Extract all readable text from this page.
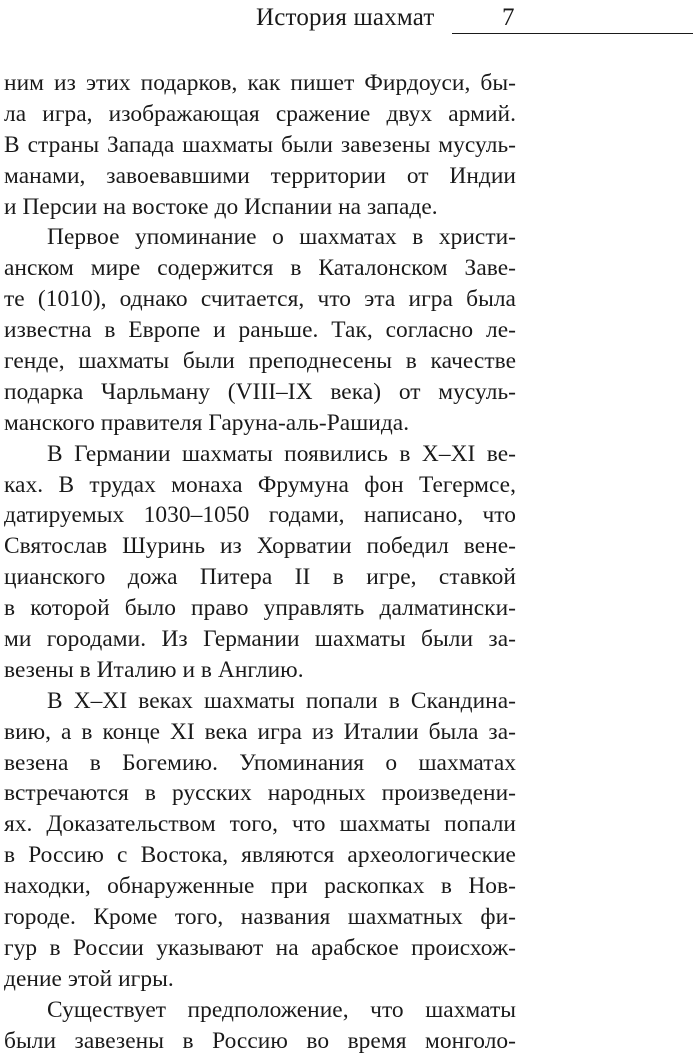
История шахмат	7
ним из этих подарков, как пишет Фирдоуси, бы-
ла игра, изображающая сражение двух армий.
В страны Запада шахматы были завезены мусуль-
манами, завоевавшими территории от Индии
и Персии на востоке до Испании на западе.
Первое упоминание о шахматах в христи-
анском мире содержится в Каталонском Заве-
те (1010), однако считается, что эта игра была
известна в Европе и раньше. Так, согласно ле-
генде, шахматы были преподнесены в качестве
подарка Чарльману (VIII–IX века) от мусуль-
манского правителя Гаруна-аль-Рашида.
В Германии шахматы появились в X–XI ве-
ках. В трудах монаха Фрумуна фон Тегермсе,
датируемых 1030–1050 годами, написано, что
Святослав Шуринь из Хорватии победил вене-
цианского дожа Питера II в игре, ставкой
в которой было право управлять далматински-
ми городами. Из Германии шахматы были за-
везены в Италию и в Англию.
В X–XI веках шахматы попали в Скандина-
вию, а в конце XI века игра из Италии была за-
везена в Богемию. Упоминания о шахматах
встречаются в русских народных произведени-
ях. Доказательством того, что шахматы попали
в Россию с Востока, являются археологические
находки, обнаруженные при раскопках в Нов-
городе. Кроме того, названия шахматных фи-
гур в России указывают на арабское происхож-
дение этой игры.
Существует предположение, что шахматы
были завезены в Россию во время монголо-
